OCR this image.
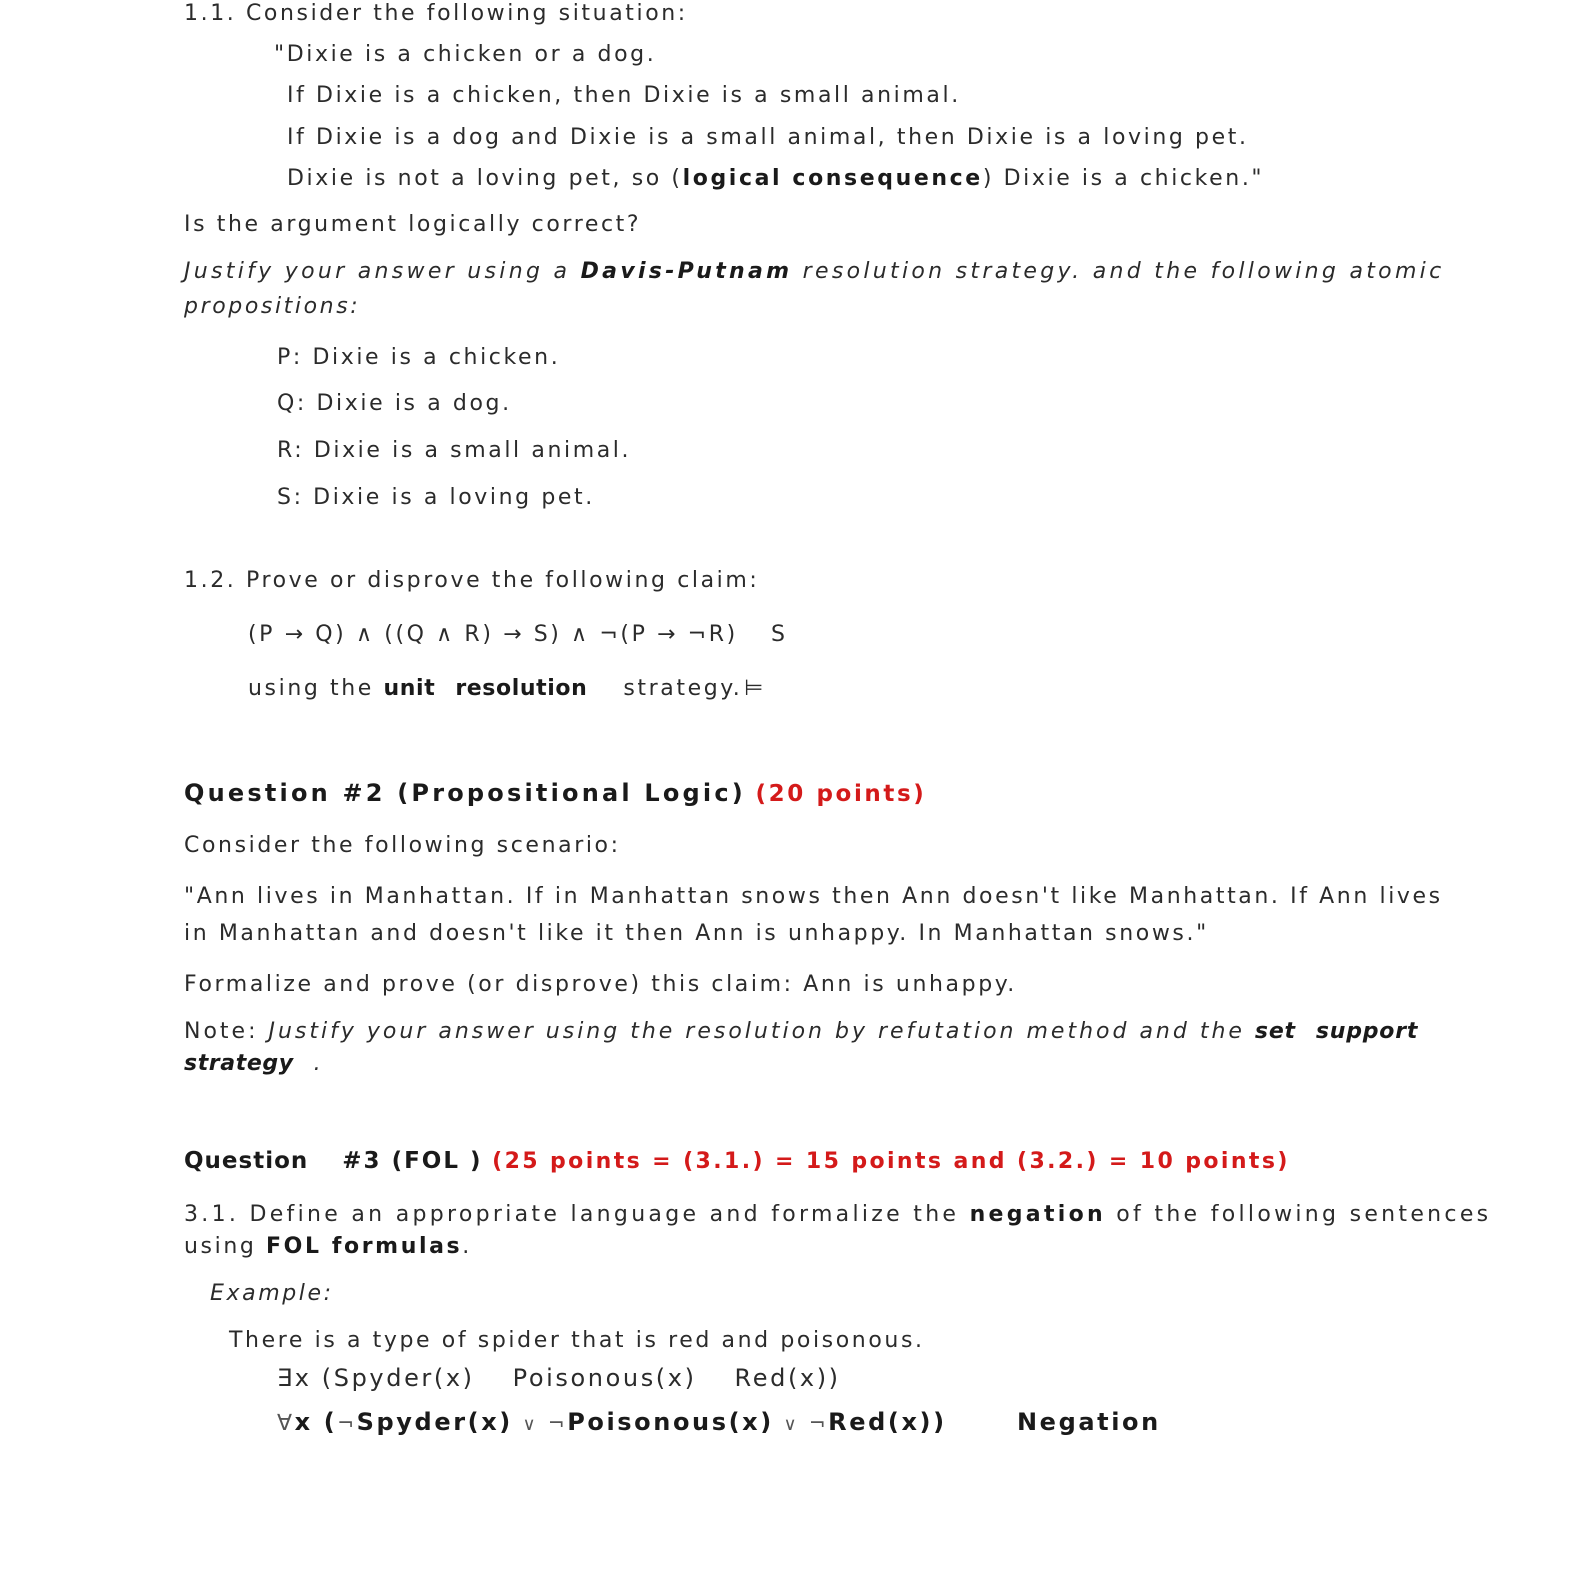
1.1. Consider the following situation:
"Dixie is a chicken or a dog.
If Dixie is a chicken, then Dixie is a small animal.
If Dixie is a dog and Dixie is a small animal, then Dixie is a loving pet.
Dixie is not a loving pet, so (logical consequence) Dixie is a chicken."
Is the argument logically correct?
Justify your answer using a Davis-Putnam resolution strategy. and the following atomic
propositions:
P: Dixie is a chicken.
Q: Dixie is a dog.
R: Dixie is a small animal.
S: Dixie is a loving pet.
1.2. Prove or disprove the following claim:
(P → Q) ∧ ((Q ∧ R) → S) ∧ ¬(P → ¬R) S
using the unit resolution strategy. ⊨
Question #2 (Propositional Logic) (20 points)
Consider the following scenario:
"Ann lives in Manhattan. If in Manhattan snows then Ann doesn't like Manhattan. If Ann lives
in Manhattan and doesn't like it then Ann is unhappy. In Manhattan snows."
Formalize and prove (or disprove) this claim: Ann is unhappy.
Note: Justify your answer using the resolution by refutation method and the set support
strategy .
Question #3 (FOL ) (25 points = (3.1.) = 15 points and (3.2.) = 10 points)
3.1. Define an appropriate language and formalize the negation of the following sentences
using FOL formulas.
Example:
There is a type of spider that is red and poisonous.
∃x (Spyder(x) Poisonous(x) Red(x))
∀x (¬Spyder(x) ∨ ¬Poisonous(x) ∨ ¬Red(x))	Negation
